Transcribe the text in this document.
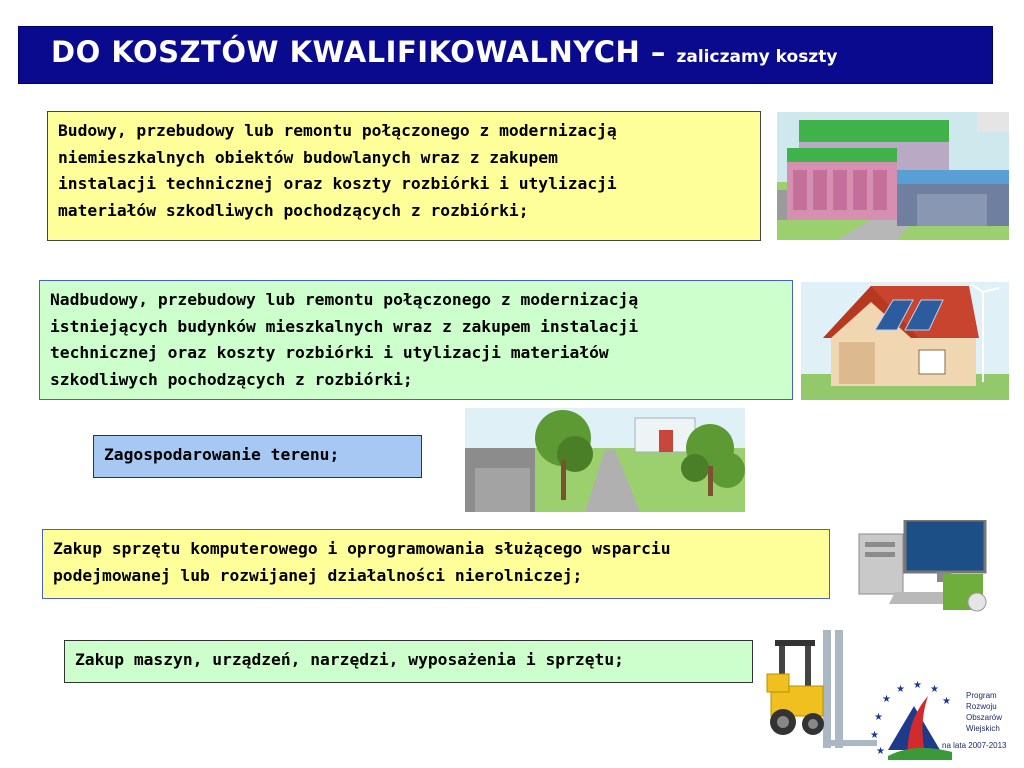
DO KOSZTÓW KWALIFIKOWALNYCH – zaliczamy koszty
Budowy, przebudowy lub remontu połączonego z modernizacją
niemieszkalnych obiektów budowlanych wraz z zakupem
instalacji technicznej oraz koszty rozbiórki i utylizacji
materiałów szkodliwych pochodzących z rozbiórki;
Nadbudowy, przebudowy lub remontu połączonego z modernizacją
istniejących budynków mieszkalnych wraz z zakupem instalacji
technicznej oraz koszty rozbiórki i utylizacji materiałów
szkodliwych pochodzących z rozbiórki;
Zagospodarowanie terenu;
Zakup sprzętu komputerowego i oprogramowania służącego wsparciu
podejmowanej lub rozwijanej działalności nierolniczej;
Zakup maszyn, urządzeń, narzędzi, wyposażenia i sprzętu;
★
★ ★ ★
★
★
★
★
Program
Rozwoju
Obszarów
Wiejskich
na lata 2007-2013
